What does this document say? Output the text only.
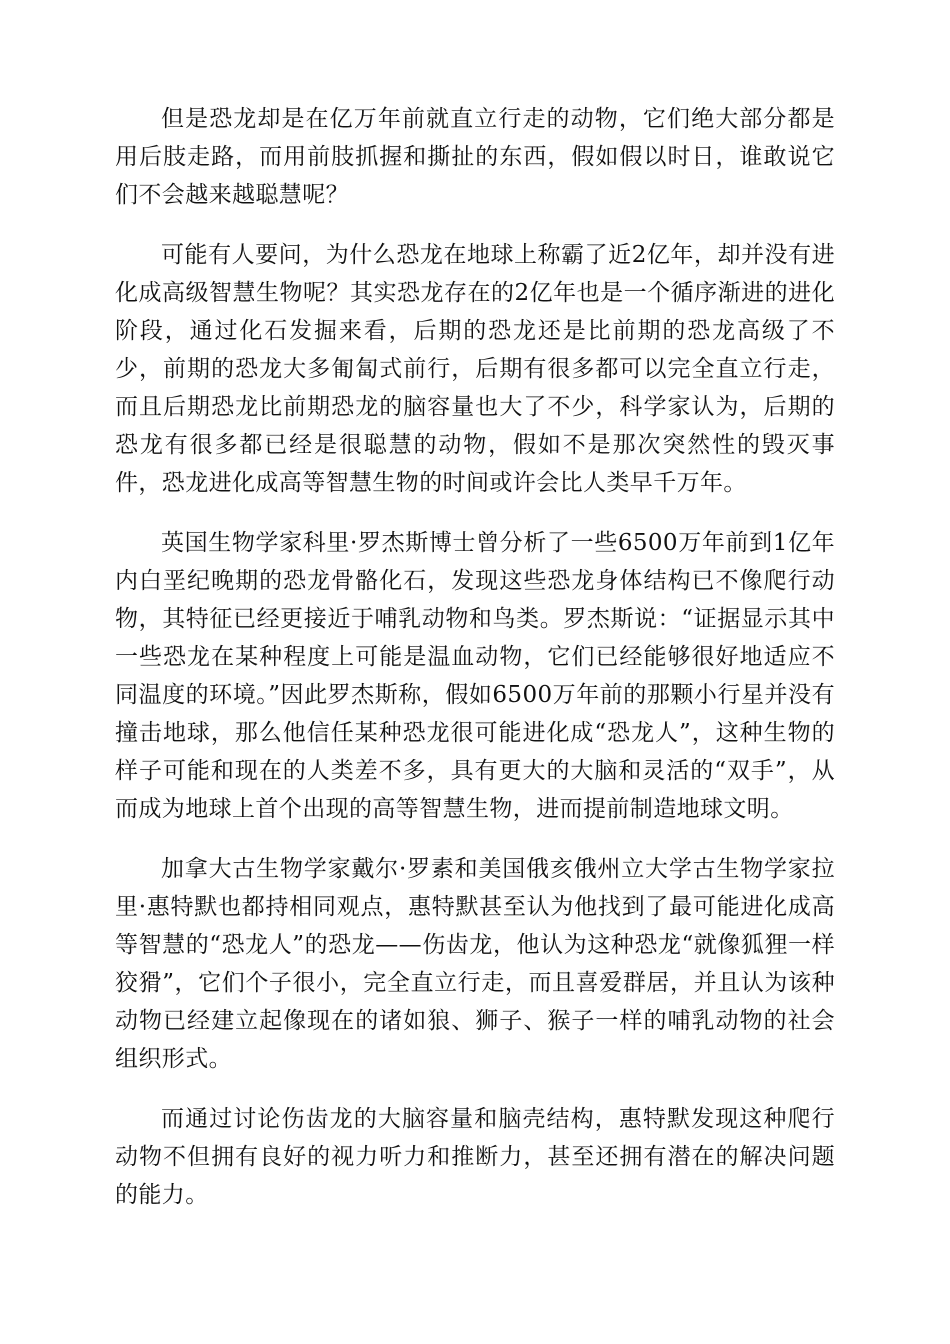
但是恐龙却是在亿万年前就直立行走的动物，它们绝大部分都是用后肢走路，而用前肢抓握和撕扯的东西，假如假以时日，谁敢说它们不会越来越聪慧呢？

可能有人要问，为什么恐龙在地球上称霸了近2亿年，却并没有进化成高级智慧生物呢？其实恐龙存在的2亿年也是一个循序渐进的进化阶段，通过化石发掘来看，后期的恐龙还是比前期的恐龙高级了不少，前期的恐龙大多匍匐式前行，后期有很多都可以完全直立行走，而且后期恐龙比前期恐龙的脑容量也大了不少，科学家认为，后期的恐龙有很多都已经是很聪慧的动物，假如不是那次突然性的毁灭事件，恐龙进化成高等智慧生物的时间或许会比人类早千万年。

英国生物学家科里·罗杰斯博士曾分析了一些6500万年前到1亿年内白垩纪晚期的恐龙骨骼化石，发现这些恐龙身体结构已不像爬行动物，其特征已经更接近于哺乳动物和鸟类。罗杰斯说：“证据显示其中一些恐龙在某种程度上可能是温血动物，它们已经能够很好地适应不同温度的环境。”因此罗杰斯称，假如6500万年前的那颗小行星并没有撞击地球，那么他信任某种恐龙很可能进化成“恐龙人”，这种生物的样子可能和现在的人类差不多，具有更大的大脑和灵活的“双手”，从而成为地球上首个出现的高等智慧生物，进而提前制造地球文明。

加拿大古生物学家戴尔·罗素和美国俄亥俄州立大学古生物学家拉里·惠特默也都持相同观点，惠特默甚至认为他找到了最可能进化成高等智慧的“恐龙人”的恐龙——伤齿龙，他认为这种恐龙“就像狐狸一样狡猾”，它们个子很小，完全直立行走，而且喜爱群居，并且认为该种动物已经建立起像现在的诸如狼、狮子、猴子一样的哺乳动物的社会组织形式。

而通过讨论伤齿龙的大脑容量和脑壳结构，惠特默发现这种爬行动物不但拥有良好的视力听力和推断力，甚至还拥有潜在的解决问题的能力。
